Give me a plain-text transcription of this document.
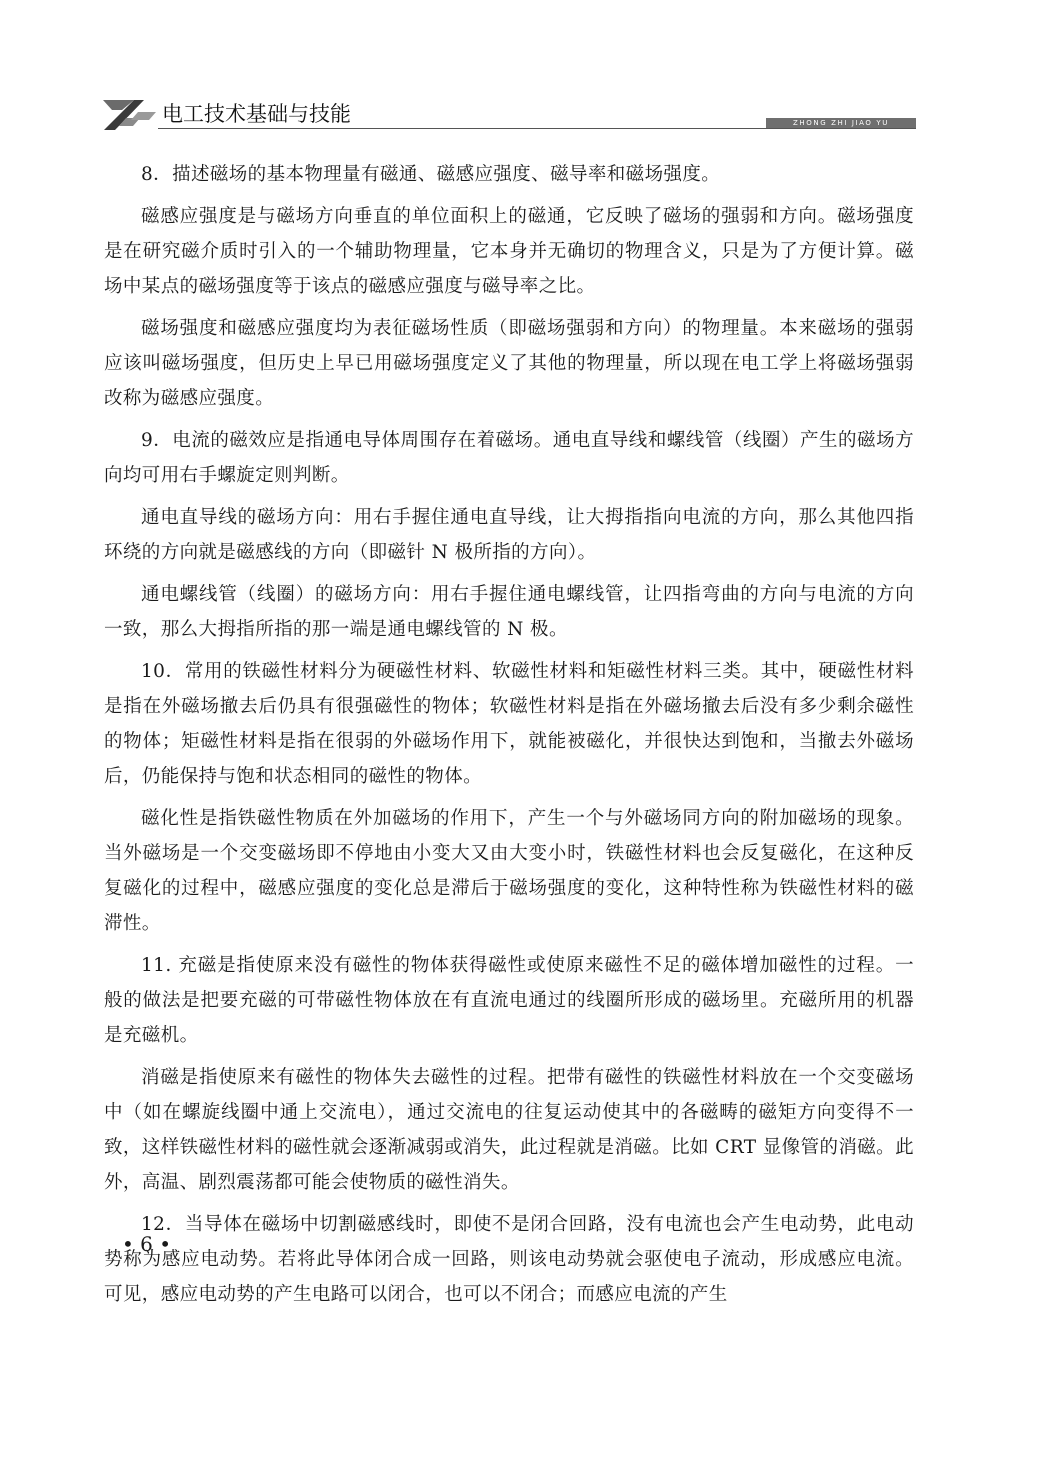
电工技术基础与技能	ZHONG ZHI JIAO YU

8．描述磁场的基本物理量有磁通、磁感应强度、磁导率和磁场强度。

磁感应强度是与磁场方向垂直的单位面积上的磁通，它反映了磁场的强弱和方向。磁场强度是在研究磁介质时引入的一个辅助物理量，它本身并无确切的物理含义，只是为了方便计算。磁场中某点的磁场强度等于该点的磁感应强度与磁导率之比。

磁场强度和磁感应强度均为表征磁场性质（即磁场强弱和方向）的物理量。本来磁场的强弱应该叫磁场强度，但历史上早已用磁场强度定义了其他的物理量，所以现在电工学上将磁场强弱改称为磁感应强度。

9．电流的磁效应是指通电导体周围存在着磁场。通电直导线和螺线管（线圈）产生的磁场方向均可用右手螺旋定则判断。

通电直导线的磁场方向：用右手握住通电直导线，让大拇指指向电流的方向，那么其他四指环绕的方向就是磁感线的方向（即磁针 N 极所指的方向）。

通电螺线管（线圈）的磁场方向：用右手握住通电螺线管，让四指弯曲的方向与电流的方向一致，那么大拇指所指的那一端是通电螺线管的 N 极。

10．常用的铁磁性材料分为硬磁性材料、软磁性材料和矩磁性材料三类。其中，硬磁性材料是指在外磁场撤去后仍具有很强磁性的物体；软磁性材料是指在外磁场撤去后没有多少剩余磁性的物体；矩磁性材料是指在很弱的外磁场作用下，就能被磁化，并很快达到饱和，当撤去外磁场后，仍能保持与饱和状态相同的磁性的物体。

磁化性是指铁磁性物质在外加磁场的作用下，产生一个与外磁场同方向的附加磁场的现象。当外磁场是一个交变磁场即不停地由小变大又由大变小时，铁磁性材料也会反复磁化，在这种反复磁化的过程中，磁感应强度的变化总是滞后于磁场强度的变化，这种特性称为铁磁性材料的磁滞性。

11. 充磁是指使原来没有磁性的物体获得磁性或使原来磁性不足的磁体增加磁性的过程。一般的做法是把要充磁的可带磁性物体放在有直流电通过的线圈所形成的磁场里。充磁所用的机器是充磁机。

消磁是指使原来有磁性的物体失去磁性的过程。把带有磁性的铁磁性材料放在一个交变磁场中（如在螺旋线圈中通上交流电），通过交流电的往复运动使其中的各磁畴的磁矩方向变得不一致，这样铁磁性材料的磁性就会逐渐减弱或消失，此过程就是消磁。比如 CRT 显像管的消磁。此外，高温、剧烈震荡都可能会使物质的磁性消失。

12．当导体在磁场中切割磁感线时，即使不是闭合回路，没有电流也会产生电动势，此电动势称为感应电动势。若将此导体闭合成一回路，则该电动势就会驱使电子流动，形成感应电流。可见，感应电动势的产生电路可以闭合，也可以不闭合；而感应电流的产生

• 6 •
